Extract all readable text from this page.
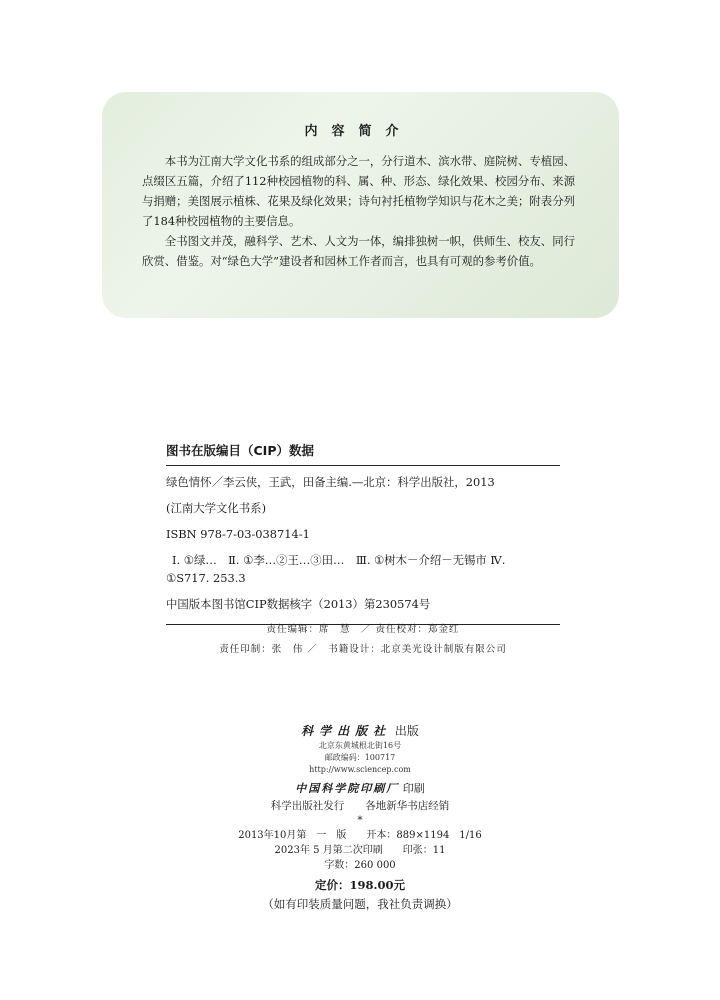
内容简介

本书为江南大学文化书系的组成部分之一，分行道木、滨水带、庭院树、专植园、点缀区五篇，介绍了112种校园植物的科、属、种、形态、绿化效果、校园分布、来源与捐赠；美图展示植株、花果及绿化效果；诗句衬托植物学知识与花木之美；附表分列了184种校园植物的主要信息。

全书图文并茂，融科学、艺术、人文为一体，编排独树一帜，供师生、校友、同行欣赏、借鉴。对“绿色大学”建设者和园林工作者而言，也具有可观的参考价值。

图书在版编目（CIP）数据

绿色情怀／李云侠，王武，田备主编.—北京：科学出版社，2013

(江南大学文化书系)

ISBN 978-7-03-038714-1

Ⅰ. ①绿…　Ⅱ. ①李…②王…③田…　Ⅲ. ①树木－介绍－无锡市 Ⅳ.

①S717. 253.3

中国版本图书馆CIP数据核字（2013）第230574号

责任编辑：席　慧　／ 责任校对：郑金红
责任印制：张　伟 ／　书籍设计：北京美光设计制版有限公司
科学出版社 出版
北京东黄城根北街16号
邮政编码：100717
http://www.sciencep.com
中国科学院印刷厂 印刷
科学出版社发行　　各地新华书店经销
*
2013年10月第　一　版　　开本：889×1194　1/16
2023年 5 月第二次印刷　　印张：11
字数：260 000
定价：198.00元
（如有印装质量问题，我社负责调换）
